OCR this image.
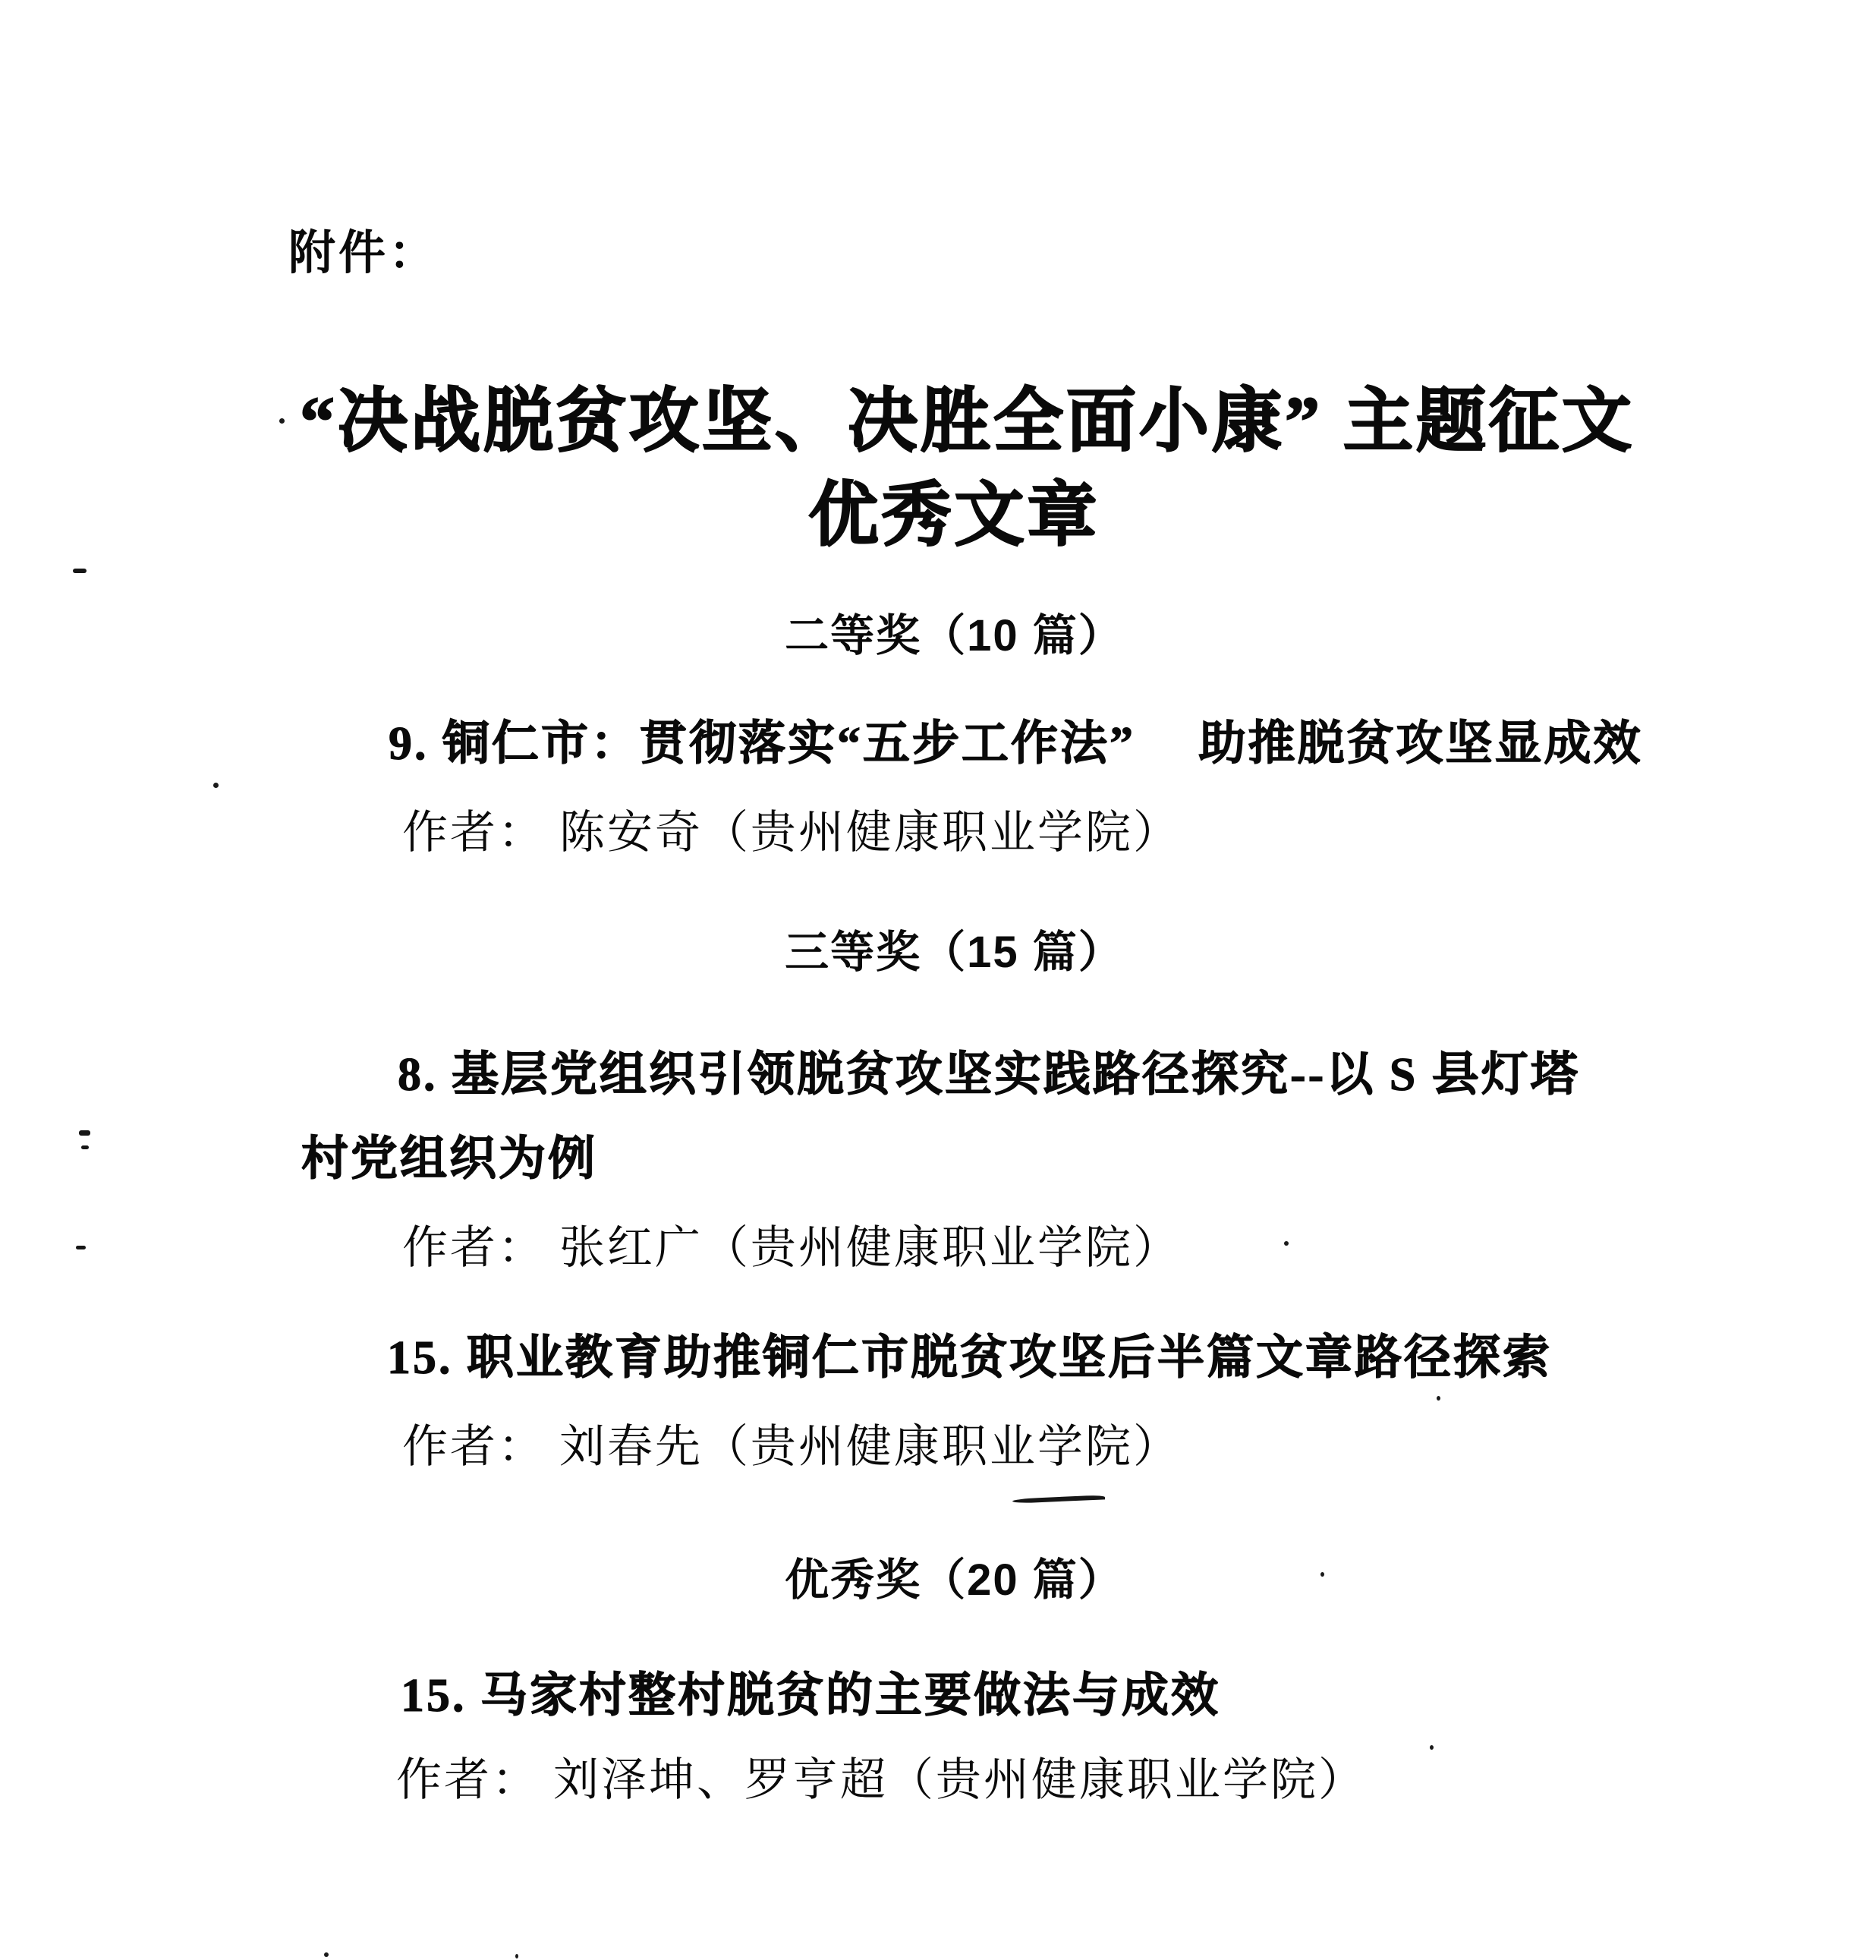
附件：
“决战脱贫攻坚、决胜全面小康” 主题征文
优秀文章
二等奖（10 篇）
9. 铜仁市：贯彻落实“五步工作法”　 助推脱贫攻坚显成效
作者： 陈安奇（贵州健康职业学院）
三等奖（15 篇）
8. 基层党组织引领脱贫攻坚实践路径探究--以 S 县灯塔
村党组织为例
作者： 张红广（贵州健康职业学院）
15. 职业教育助推铜仁市脱贫攻坚后半篇文章路径探索
作者： 刘春先（贵州健康职业学院）
优秀奖（20 篇）
15. 马家村整村脱贫的主要做法与成效
作者： 刘泽坤、罗亨超（贵州健康职业学院）
